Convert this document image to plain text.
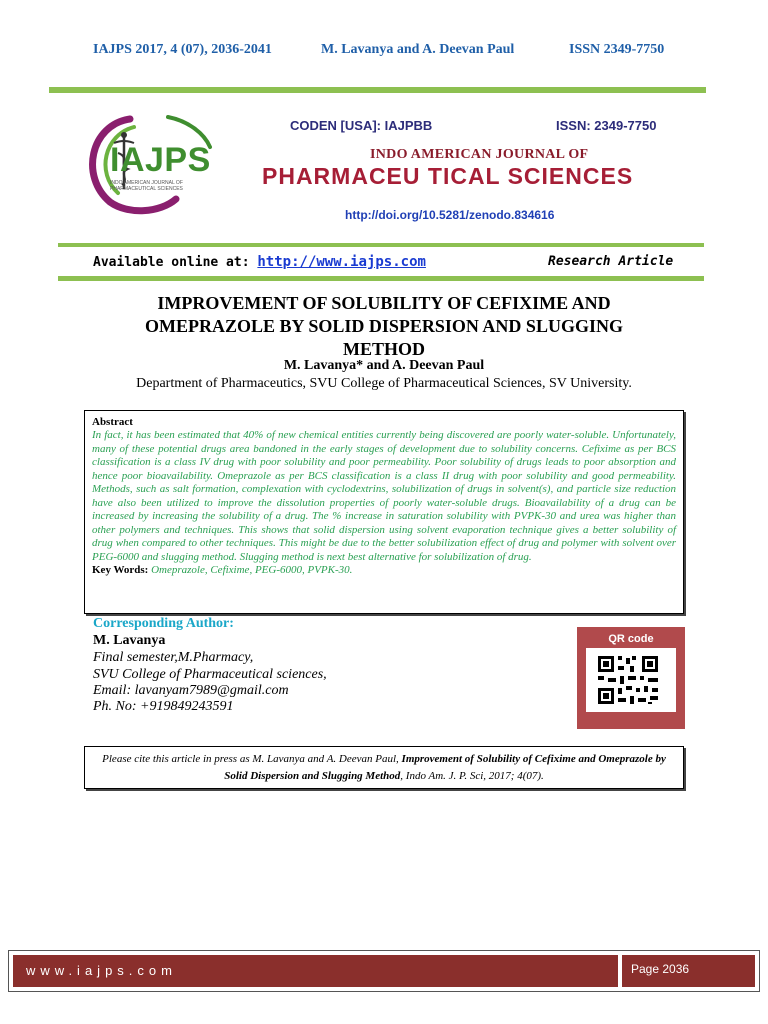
IAJPS 2017, 4 (07), 2036-2041	M. Lavanya and A. Deevan Paul	ISSN 2349-7750
IAJPS
INDO AMERICAN JOURNAL OF PHARMACEUTICAL SCIENCES
CODEN [USA]: IAJPBB	ISSN: 2349-7750
INDO AMERICAN JOURNAL OF
PHARMACEU TICAL SCIENCES
http://doi.org/10.5281/zenodo.834616
Available online at: http://www.iajps.com	Research Article
IMPROVEMENT OF SOLUBILITY OF CEFIXIME AND
OMEPRAZOLE BY SOLID DISPERSION AND SLUGGING
METHOD
M. Lavanya* and A. Deevan Paul
Department of Pharmaceutics, SVU College of Pharmaceutical Sciences, SV University.
Abstract
In fact, it has been estimated that 40% of new chemical entities currently being discovered are poorly water-soluble. Unfortunately, many of these potential drugs area bandoned in the early stages of development due to solubility concerns. Cefixime as per BCS classification is a class IV drug with poor solubility and poor permeability. Poor solubility of drugs leads to poor absorption and hence poor bioavailability. Omeprazole as per BCS classification is a class II drug with poor solubility and good permeability. Methods, such as salt formation, complexation with cyclodextrins, solubilization of drugs in solvent(s), and particle size reduction have also been utilized to improve the dissolution properties of poorly water-soluble drugs. Bioavailability of a drug can be increased by increasing the solubility of a drug. The % increase in saturation solubility with PVPK-30 and urea was higher than other polymers and techniques. This shows that solid dispersion using solvent evaporation technique gives a better solubility of drug when compared to other techniques. This might be due to the better solubilization effect of drug and polymer with solvent over PEG-6000 and slugging method. Slugging method is next best alternative for solubilization of drug.
Key Words: Omeprazole, Cefixime, PEG-6000, PVPK-30.
Corresponding Author:
M. Lavanya
Final semester,M.Pharmacy,
SVU College of Pharmaceutical sciences,
Email: lavanyam7989@gmail.com
Ph. No: +919849243591
QR code
Please cite this article in press as M. Lavanya and A. Deevan Paul, Improvement of Solubility of Cefixime and Omeprazole by Solid Dispersion and Slugging Method, Indo Am. J. P. Sci, 2017; 4(07).
www.iajps.com	Page 2036
